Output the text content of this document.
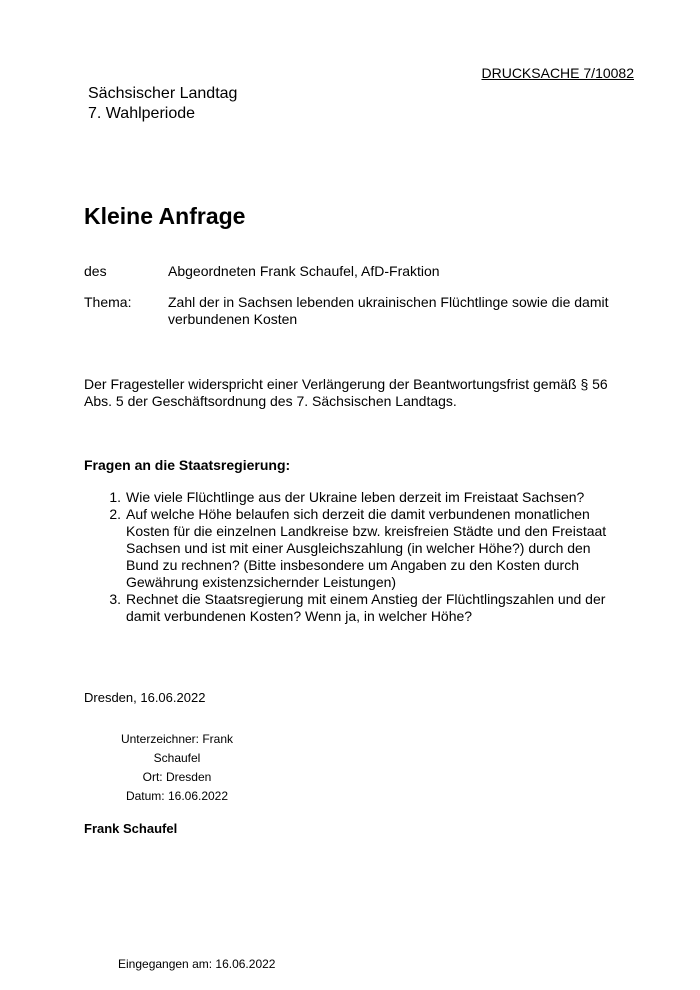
DRUCKSACHE 7/10082
Sächsischer Landtag
7. Wahlperiode
Kleine Anfrage
des	Abgeordneten Frank Schaufel, AfD-Fraktion
Thema:	Zahl der in Sachsen lebenden ukrainischen Flüchtlinge sowie die damit verbundenen Kosten
Der Fragesteller widerspricht einer Verlängerung der Beantwortungsfrist gemäß § 56 Abs. 5 der Geschäftsordnung des 7. Sächsischen Landtags.
Fragen an die Staatsregierung:
1. Wie viele Flüchtlinge aus der Ukraine leben derzeit im Freistaat Sachsen?
2. Auf welche Höhe belaufen sich derzeit die damit verbundenen monatlichen Kosten für die einzelnen Landkreise bzw. kreisfreien Städte und den Freistaat Sachsen und ist mit einer Ausgleichszahlung (in welcher Höhe?) durch den Bund zu rechnen? (Bitte insbesondere um Angaben zu den Kosten durch Gewährung existenzsichernder Leistungen)
3. Rechnet die Staatsregierung mit einem Anstieg der Flüchtlingszahlen und der damit verbundenen Kosten? Wenn ja, in welcher Höhe?
Dresden, 16.06.2022
Unterzeichner: Frank
Schaufel
Ort: Dresden
Datum: 16.06.2022
Frank Schaufel
Eingegangen am: 16.06.2022
